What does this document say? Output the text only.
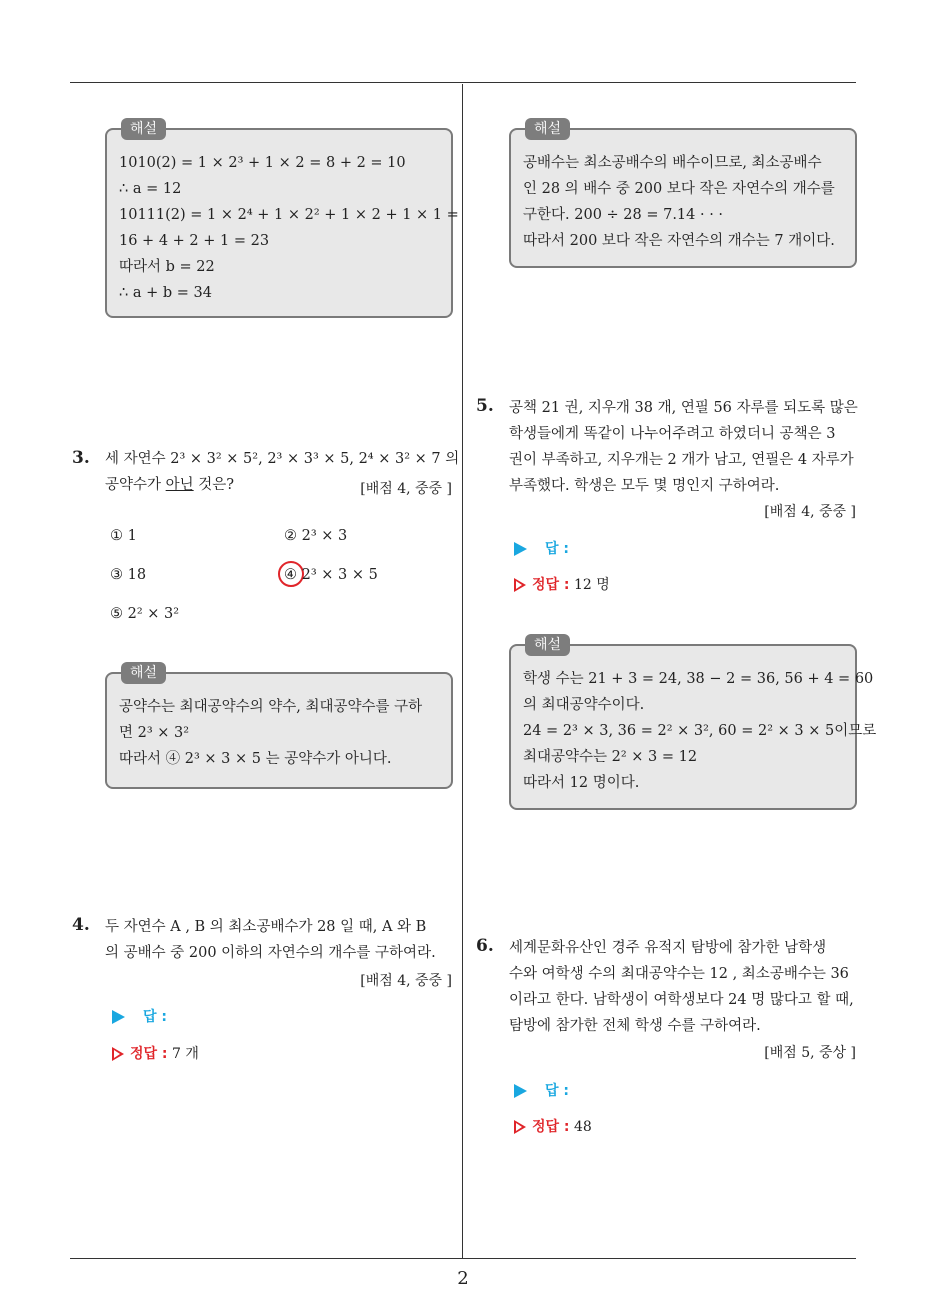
해설
1010(2) = 1 × 2³ + 1 × 2 = 8 + 2 = 10
∴ a = 12
10111(2) = 1 × 2⁴ + 1 × 2² + 1 × 2 + 1 × 1 =
16 + 4 + 2 + 1 = 23
따라서 b = 22
∴ a + b = 34
3. 세 자연수 2³ × 3² × 5², 2³ × 3³ × 5, 2⁴ × 3² × 7 의
공약수가 아닌 것은?	[배점 4, 중중 ]
① 1	② 2³ × 3
③ 18	④ 2³ × 3 × 5
⑤ 2² × 3²
해설
공약수는 최대공약수의 약수, 최대공약수를 구하
면 2³ × 3²
따라서 ④ 2³ × 3 × 5 는 공약수가 아니다.
4. 두 자연수 A , B 의 최소공배수가 28 일 때, A 와 B
의 공배수 중 200 이하의 자연수의 개수를 구하여라.
[배점 4, 중중 ]
답 :
정답 : 7 개
해설
공배수는 최소공배수의 배수이므로, 최소공배수
인 28 의 배수 중 200 보다 작은 자연수의 개수를
구한다. 200 ÷ 28 = 7.14 · · ·
따라서 200 보다 작은 자연수의 개수는 7 개이다.
5. 공책 21 권, 지우개 38 개, 연필 56 자루를 되도록 많은
학생들에게 똑같이 나누어주려고 하였더니 공책은 3
권이 부족하고, 지우개는 2 개가 남고, 연필은 4 자루가
부족했다. 학생은 모두 몇 명인지 구하여라.
[배점 4, 중중 ]
답 :
정답 : 12 명
해설
학생 수는 21 + 3 = 24, 38 − 2 = 36, 56 + 4 = 60
의 최대공약수이다.
24 = 2³ × 3, 36 = 2² × 3², 60 = 2² × 3 × 5이므로
최대공약수는 2² × 3 = 12
따라서 12 명이다.
6. 세계문화유산인 경주 유적지 탐방에 참가한 남학생
수와 여학생 수의 최대공약수는 12 , 최소공배수는 36
이라고 한다. 남학생이 여학생보다 24 명 많다고 할 때,
탐방에 참가한 전체 학생 수를 구하여라.
[배점 5, 중상 ]
답 :
정답 : 48
2
